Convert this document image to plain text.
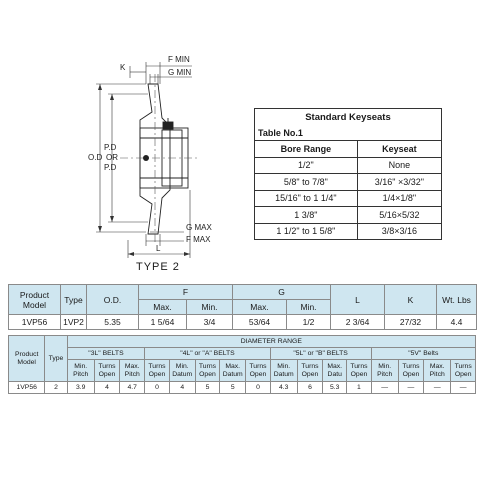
F MIN
G MIN
K
P.D
O.D OR
P.D
G MAX
F MAX
L
TYPE 2
Standard Keyseats	
Table No.1	
Bore Range	Keyseat
1/2"	None
5/8" to 7/8"	3/16" ×3/32"
15/16" to 1 1/4"	1/4×1/8"
1 3/8"	5/16×5/32
1 1/2" to 1 5/8"	3/8×3/16
Product Model	Type	O.D.	F		G		L	K	Wt. Lbs
			Max.	Min.	Max.	Min.			
1VP56	1VP2	5.35	1 5/64	3/4	53/64	1/2	2 3/64	27/32	4.4
Product Model	Type	DIAMETER RANGE															
		"3L" BELTS			"4L" or "A" BELTS					"5L" or "B" BELTS				"5V" Belts			
		Min. Pitch	Turns Open	Max. Pitch	Turns Open	Min. Datum	Turns Open	Max. Datum	Turns Open	Min. Datum	Turns Open	Max. Datu	Turns Open	Min. Pitch	Turns Open	Max. Pitch	Turns Open
1VP56	2	3.9	4	4.7	0	4	5	5	0	4.3	6	5.3	1	—	—	—	—
